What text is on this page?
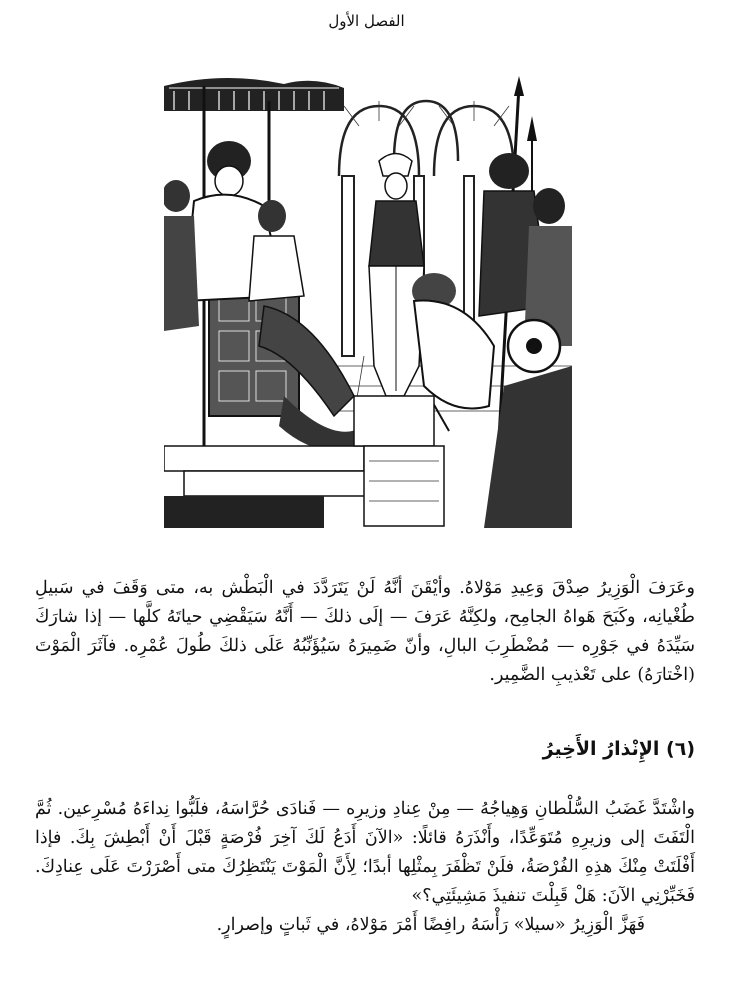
الفصل الأول
وعَرَفَ الْوَزِيرُ صِدْقَ وَعِيدِ مَوْلاهُ. وأيْقَنَ أنَّهُ لَنْ يَتَرَدَّدَ في الْبَطْش به، متى وَقَفَ في سَبيلِ طُغْيانِه، وكَبَحَ هَواهُ الجامِح، ولكِنَّهُ عَرَفَ — إلَى ذلكَ — أَنَّهُ سَيَقْضِي حياتَهُ كلَّها — إذا شارَكَ سَيِّدَهُ في جَوْرِه — مُضْطَرِبَ البالِ، وأنّ ضَمِيرَهُ سَيُؤَنِّبُهُ عَلَى ذلكَ طُولَ عُمْرِه. فآثَرَ الْمَوْتَ (اخْتارَهُ) على تَعْذيبِ الضَّمِير.
(٦) الإِنْذارُ الأَخِيرُ
واشْتَدَّ غَضَبُ السُّلْطانِ وَهِياجُهُ — مِنْ عِنادِ وزيرِه — فَنادَى حُرَّاسَهُ، فلَبُّوا نِداءَهُ مُسْرِعين. ثُمَّ الْتَفَتَ إلى وزيرِهِ مُتَوَعِّدًا، وأَنْذَرَهُ قائلًا: «الآنَ أَدَعُ لَكَ آخِرَ فُرْصَةٍ قَبْلَ أَنْ أَبْطِشَ بِكَ. فإذا أَفْلَتَتْ مِنْكَ هذِهِ الفُرْصَةُ، فلَنْ تَظْفَرَ بِمثْلِها أبدًا؛ لِأَنَّ الْمَوْتَ يَنْتَظِرُكَ متى أَصْرَرْتَ عَلَى عِنادِكَ. فَخَبِّرْنِي الآنَ: هَلْ قَبِلْتَ تنفيذَ مَشِيئَتِي؟»
فَهَزَّ الْوَزِيرُ «سيلا» رَأْسَهُ رافِضًا أَمْرَ مَوْلاهُ، في ثَباتٍ وإصرارٍ.
